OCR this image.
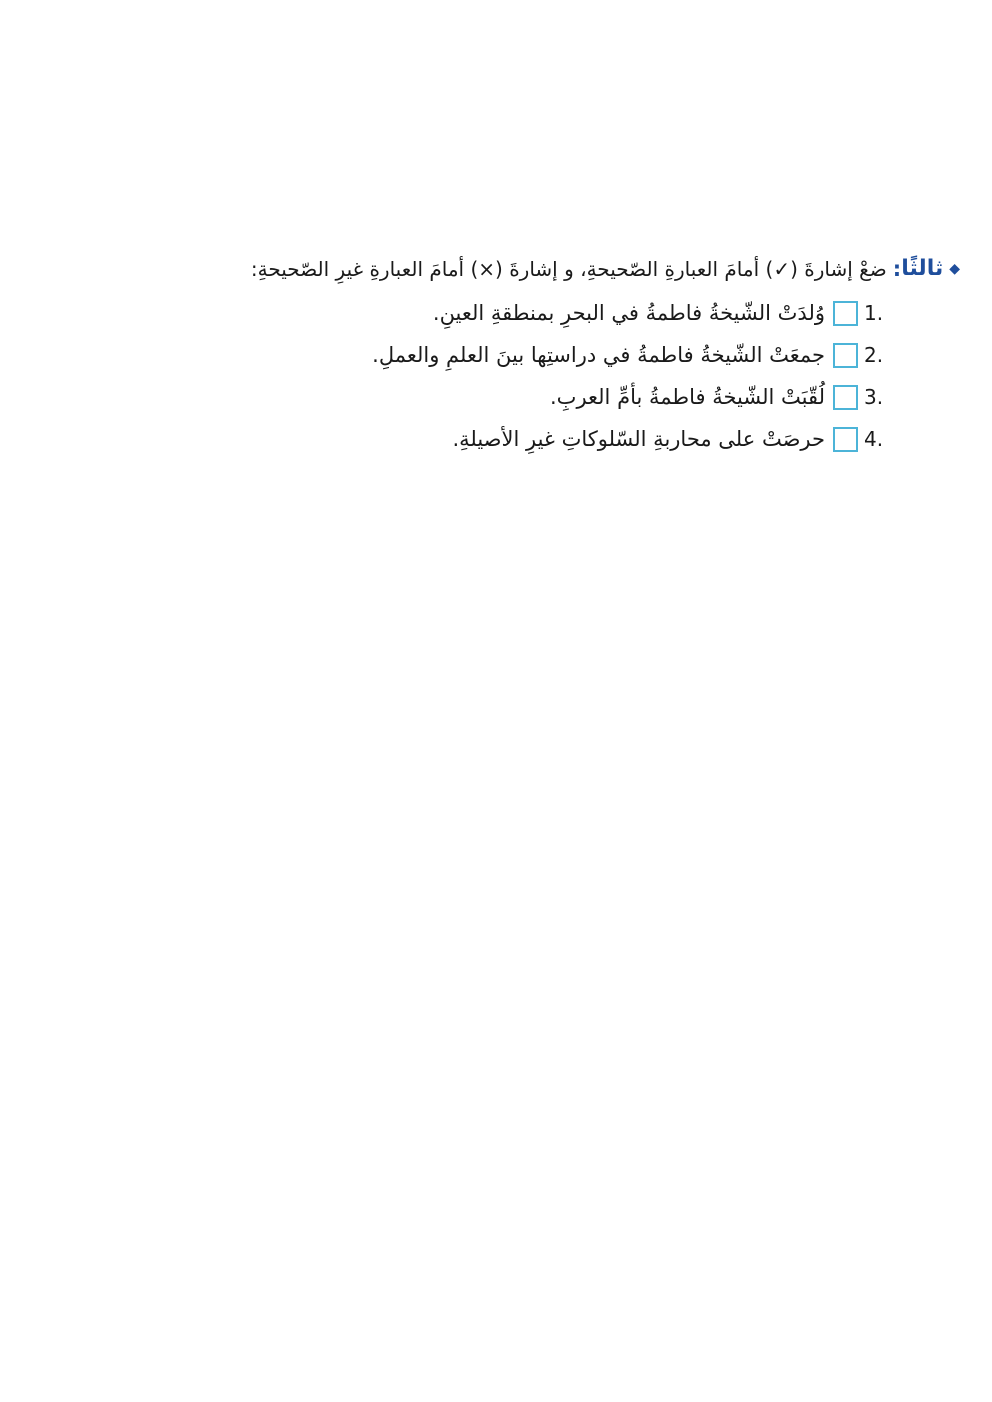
◆
ثالثًا
:
ضعْ إشارةَ (✓) أمامَ العبارةِ الصّحيحةِ، و إشارةَ (×) أمامَ العبارةِ غيرِ الصّحيحةِ:
1.
وُلدَتْ الشّيخةُ فاطمةُ في البحرِ بمنطقةِ العينِ.
2.
جمعَتْ الشّيخةُ فاطمةُ في دراستِها بينَ العلمِ والعملِ.
3.
لُقّبَتْ الشّيخةُ فاطمةُ بأمِّ العربِ.
4.
حرصَتْ على محاربةِ السّلوكاتِ غيرِ الأصيلةِ.
